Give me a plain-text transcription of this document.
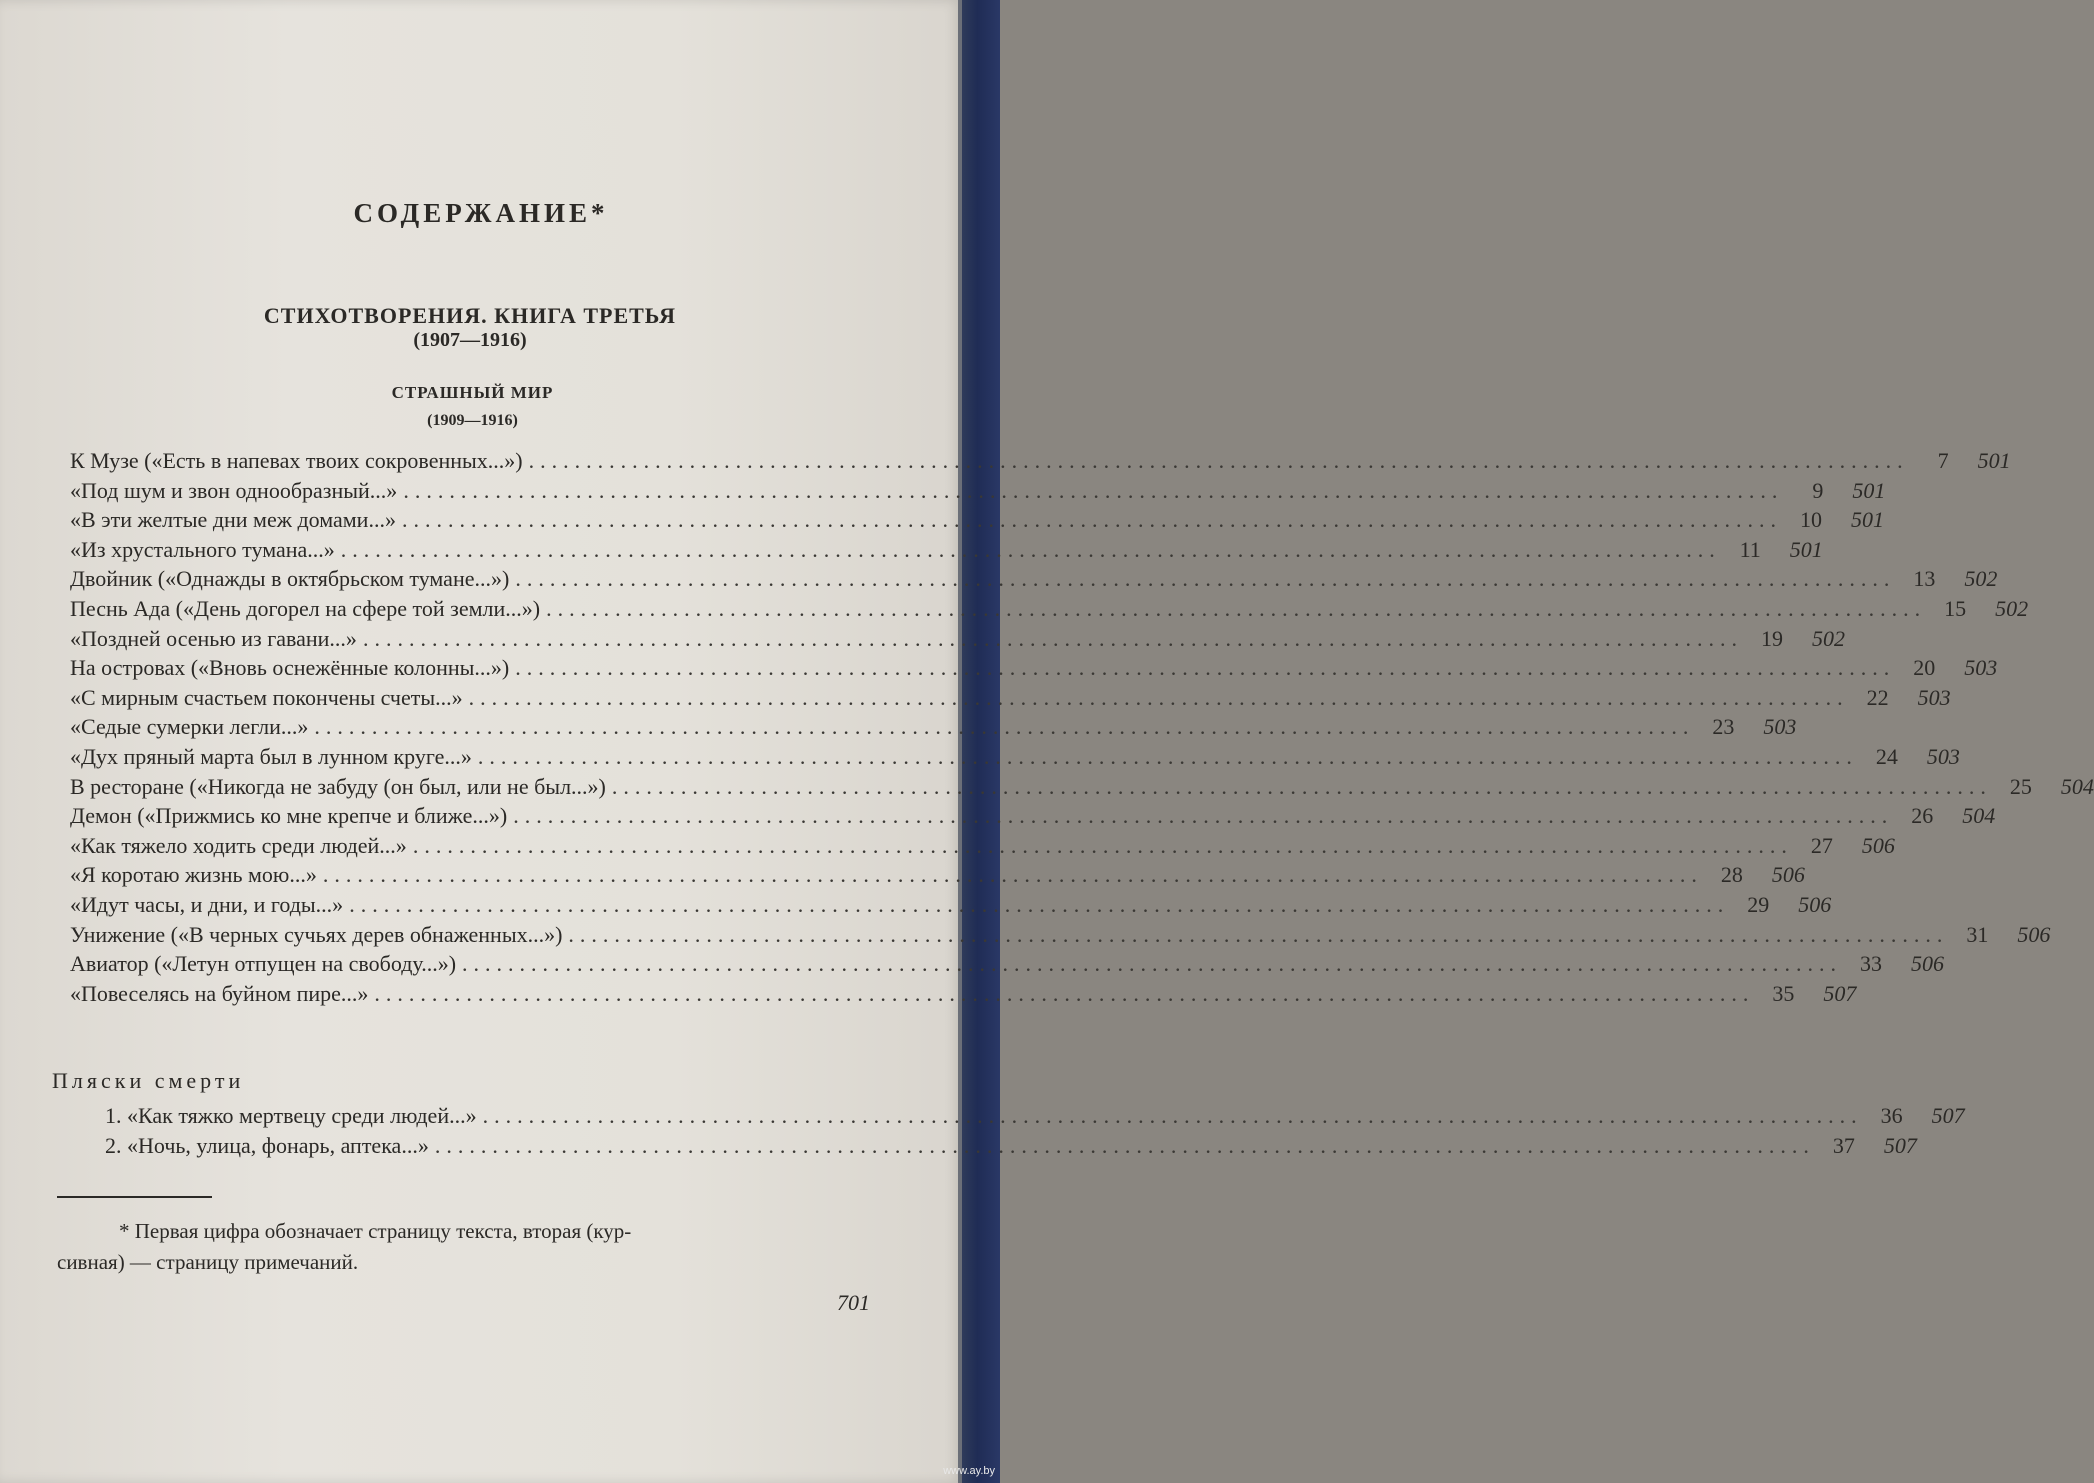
СОДЕРЖАНИЕ*
СТИХОТВОРЕНИЯ. КНИГА ТРЕТЬЯ
(1907—1916)
СТРАШНЫЙ МИР
(1909—1916)
К Музе («Есть в напевах твоих сокровенных...») ........................................................................................................................	7	501
«Под шум и звон однообразный...» ........................................................................................................................	9	501
«В эти желтые дни меж домами...» ........................................................................................................................ 10	501
«Из хрустального тумана...» ........................................................................................................................ 11	501
Двойник («Однажды в октябрьском тумане...») ........................................................................................................................ 13	502
Песнь Ада («День догорел на сфере той земли...») ........................................................................................................................ 15	502
«Поздней осенью из гавани...» ........................................................................................................................ 19	502
На островах («Вновь оснежённые колонны...») ........................................................................................................................ 20	503
«С мирным счастьем покончены счеты...» ........................................................................................................................ 22	503
«Седые сумерки легли...» ........................................................................................................................ 23	503
«Дух пряный марта был в лунном круге...» ........................................................................................................................ 24	503
В ресторане («Никогда не забуду (он был, или не был...») ........................................................................................................................ 25	504
Демон («Прижмись ко мне крепче и ближе...») ........................................................................................................................ 26	504
«Как тяжело ходить среди людей...» ........................................................................................................................ 27	506
«Я коротаю жизнь мою...» ........................................................................................................................ 28	506
«Идут часы, и дни, и годы...» ........................................................................................................................ 29	506
Унижение («В черных сучьях дерев обнаженных...») ........................................................................................................................ 31	506
Авиатор («Летун отпущен на свободу...») ........................................................................................................................ 33	506
«Повеселясь на буйном пире...» ........................................................................................................................ 35	507
Пляски смерти
1. «Как тяжко мертвецу среди людей...» ........................................................................................................................ 36	507
2. «Ночь, улица, фонарь, аптека...» ........................................................................................................................ 37	507
* Первая цифра обозначает страницу текста, вторая (кур-
сивная) — страницу примечаний.
701
www.ay.by
